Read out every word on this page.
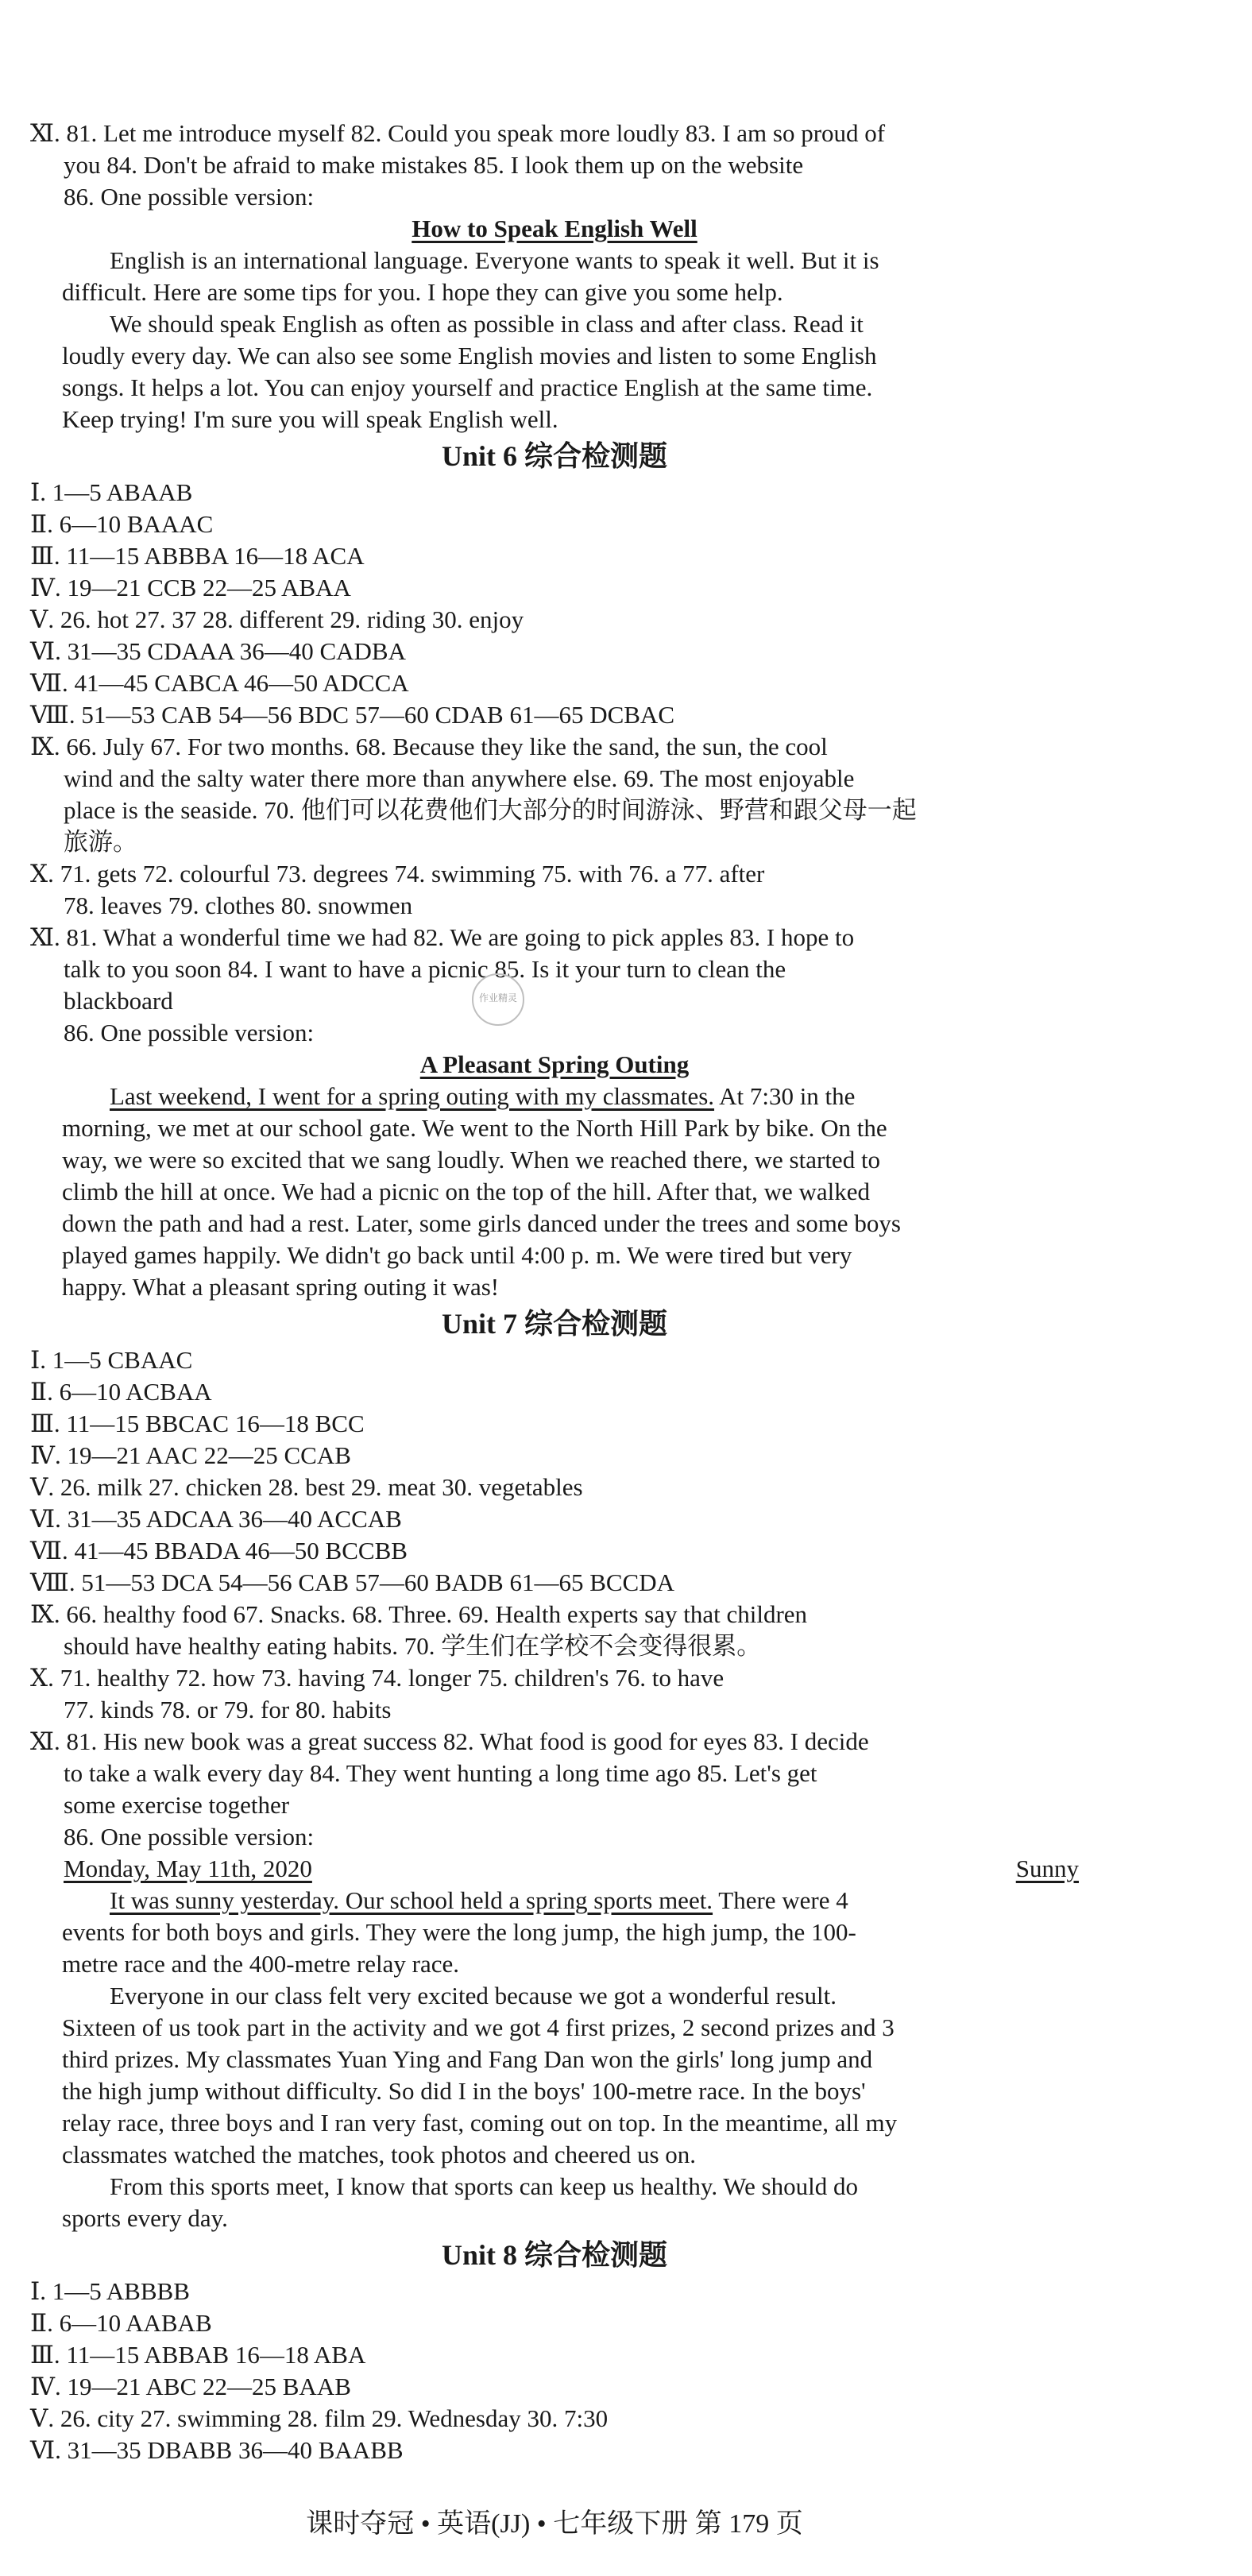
Ⅺ. 81. Let me introduce myself 82. Could you speak more loudly 83. I am so proud of
you 84. Don't be afraid to make mistakes 85. I look them up on the website
86. One possible version:
How to Speak English Well
English is an international language. Everyone wants to speak it well. But it is
difficult. Here are some tips for you. I hope they can give you some help.
We should speak English as often as possible in class and after class. Read it
loudly every day. We can also see some English movies and listen to some English
songs. It helps a lot. You can enjoy yourself and practice English at the same time.
Keep trying! I'm sure you will speak English well.
Unit 6 综合检测题
Ⅰ. 1—5 ABAAB
Ⅱ. 6—10 BAAAC
Ⅲ. 11—15 ABBBA 16—18 ACA
Ⅳ. 19—21 CCB 22—25 ABAA
Ⅴ. 26. hot 27. 37 28. different 29. riding 30. enjoy
Ⅵ. 31—35 CDAAA 36—40 CADBA
Ⅶ. 41—45 CABCA 46—50 ADCCA
Ⅷ. 51—53 CAB 54—56 BDC 57—60 CDAB 61—65 DCBAC
Ⅸ. 66. July 67. For two months. 68. Because they like the sand, the sun, the cool
wind and the salty water there more than anywhere else. 69. The most enjoyable
place is the seaside. 70. 他们可以花费他们大部分的时间游泳、野营和跟父母一起
旅游。
Ⅹ. 71. gets 72. colourful 73. degrees 74. swimming 75. with 76. a 77. after
78. leaves 79. clothes 80. snowmen
Ⅺ. 81. What a wonderful time we had 82. We are going to pick apples 83. I hope to
talk to you soon 84. I want to have a picnic 85. Is it your turn to clean the
blackboard
86. One possible version:
A Pleasant Spring Outing
Last weekend, I went for a spring outing with my classmates. At 7:30 in the
morning, we met at our school gate. We went to the North Hill Park by bike. On the
way, we were so excited that we sang loudly. When we reached there, we started to
climb the hill at once. We had a picnic on the top of the hill. After that, we walked
down the path and had a rest. Later, some girls danced under the trees and some boys
played games happily. We didn't go back until 4:00 p. m. We were tired but very
happy. What a pleasant spring outing it was!
Unit 7 综合检测题
Ⅰ. 1—5 CBAAC
Ⅱ. 6—10 ACBAA
Ⅲ. 11—15 BBCAC 16—18 BCC
Ⅳ. 19—21 AAC 22—25 CCAB
Ⅴ. 26. milk 27. chicken 28. best 29. meat 30. vegetables
Ⅵ. 31—35 ADCAA 36—40 ACCAB
Ⅶ. 41—45 BBADA 46—50 BCCBB
Ⅷ. 51—53 DCA 54—56 CAB 57—60 BADB 61—65 BCCDA
Ⅸ. 66. healthy food 67. Snacks. 68. Three. 69. Health experts say that children
should have healthy eating habits. 70. 学生们在学校不会变得很累。
Ⅹ. 71. healthy 72. how 73. having 74. longer 75. children's 76. to have
77. kinds 78. or 79. for 80. habits
Ⅺ. 81. His new book was a great success 82. What food is good for eyes 83. I decide
to take a walk every day 84. They went hunting a long time ago 85. Let's get
some exercise together
86. One possible version:
Monday, May 11th, 2020	Sunny
It was sunny yesterday. Our school held a spring sports meet. There were 4
events for both boys and girls. They were the long jump, the high jump, the 100-
metre race and the 400-metre relay race.
Everyone in our class felt very excited because we got a wonderful result.
Sixteen of us took part in the activity and we got 4 first prizes, 2 second prizes and 3
third prizes. My classmates Yuan Ying and Fang Dan won the girls' long jump and
the high jump without difficulty. So did I in the boys' 100-metre race. In the boys'
relay race, three boys and I ran very fast, coming out on top. In the meantime, all my
classmates watched the matches, took photos and cheered us on.
From this sports meet, I know that sports can keep us healthy. We should do
sports every day.
Unit 8 综合检测题
Ⅰ. 1—5 ABBBB
Ⅱ. 6—10 AABAB
Ⅲ. 11—15 ABBAB 16—18 ABA
Ⅳ. 19—21 ABC 22—25 BAAB
Ⅴ. 26. city 27. swimming 28. film 29. Wednesday 30. 7:30
Ⅵ. 31—35 DBABB 36—40 BAABB
课时夺冠 • 英语(JJ) • 七年级下册 第 179 页
作业精灵
